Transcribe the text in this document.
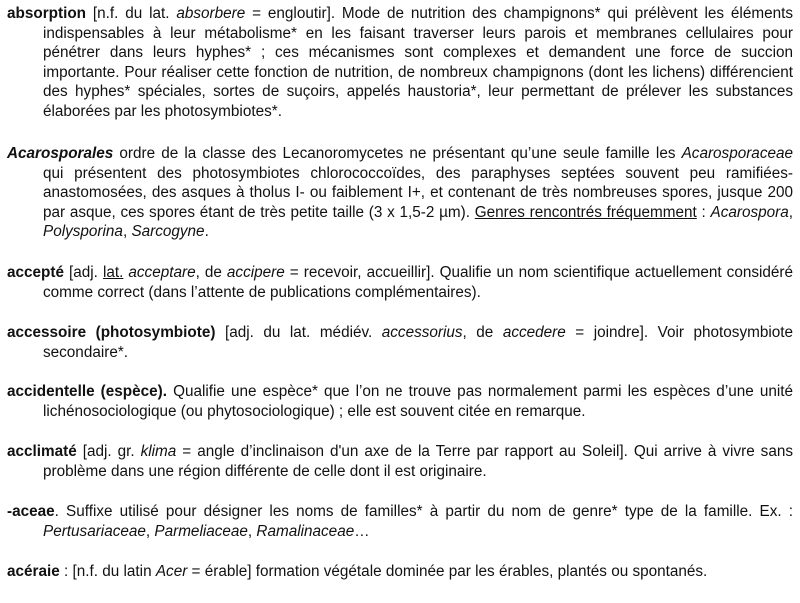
absorption [n.f. du lat. absorbere = engloutir]. Mode de nutrition des champignons* qui prélèvent les éléments indispensables à leur métabolisme* en les faisant traverser leurs parois et membranes cellulaires pour pénétrer dans leurs hyphes* ; ces mécanismes sont complexes et demandent une force de succion importante. Pour réaliser cette fonction de nutrition, de nombreux champignons (dont les lichens) différencient des hyphes* spéciales, sortes de suçoirs, appelés haustoria*, leur permettant de prélever les substances élaborées par les photosymbiotes*.

Acarosporales ordre de la classe des Lecanoromycetes ne présentant qu’une seule famille les Acarosporaceae qui présentent des photosymbiotes chlorococcoïdes, des paraphyses septées souvent peu ramifiées-anastomosées, des asques à tholus I- ou faiblement I+, et contenant de très nombreuses spores, jusque 200 par asque, ces spores étant de très petite taille (3 x 1,5-2 µm). Genres rencontrés fréquemment : Acarospora, Polysporina, Sarcogyne.

accepté [adj. lat. acceptare, de accipere = recevoir, accueillir]. Qualifie un nom scientifique actuellement considéré comme correct (dans l’attente de publications complémentaires).

accessoire (photosymbiote) [adj. du lat. médiév. accessorius, de accedere = joindre]. Voir photosymbiote secondaire*.

accidentelle (espèce). Qualifie une espèce* que l’on ne trouve pas normalement parmi les espèces d’une unité lichénosociologique (ou phytosociologique) ; elle est souvent citée en remarque.

acclimaté [adj. gr. klima = angle d’inclinaison d'un axe de la Terre par rapport au Soleil]. Qui arrive à vivre sans problème dans une région différente de celle dont il est originaire.

-aceae. Suffixe utilisé pour désigner les noms de familles* à partir du nom de genre* type de la famille. Ex. : Pertusariaceae, Parmeliaceae, Ramalinaceae…

acéraie : [n.f. du latin Acer = érable] formation végétale dominée par les érables, plantés ou spontanés.
